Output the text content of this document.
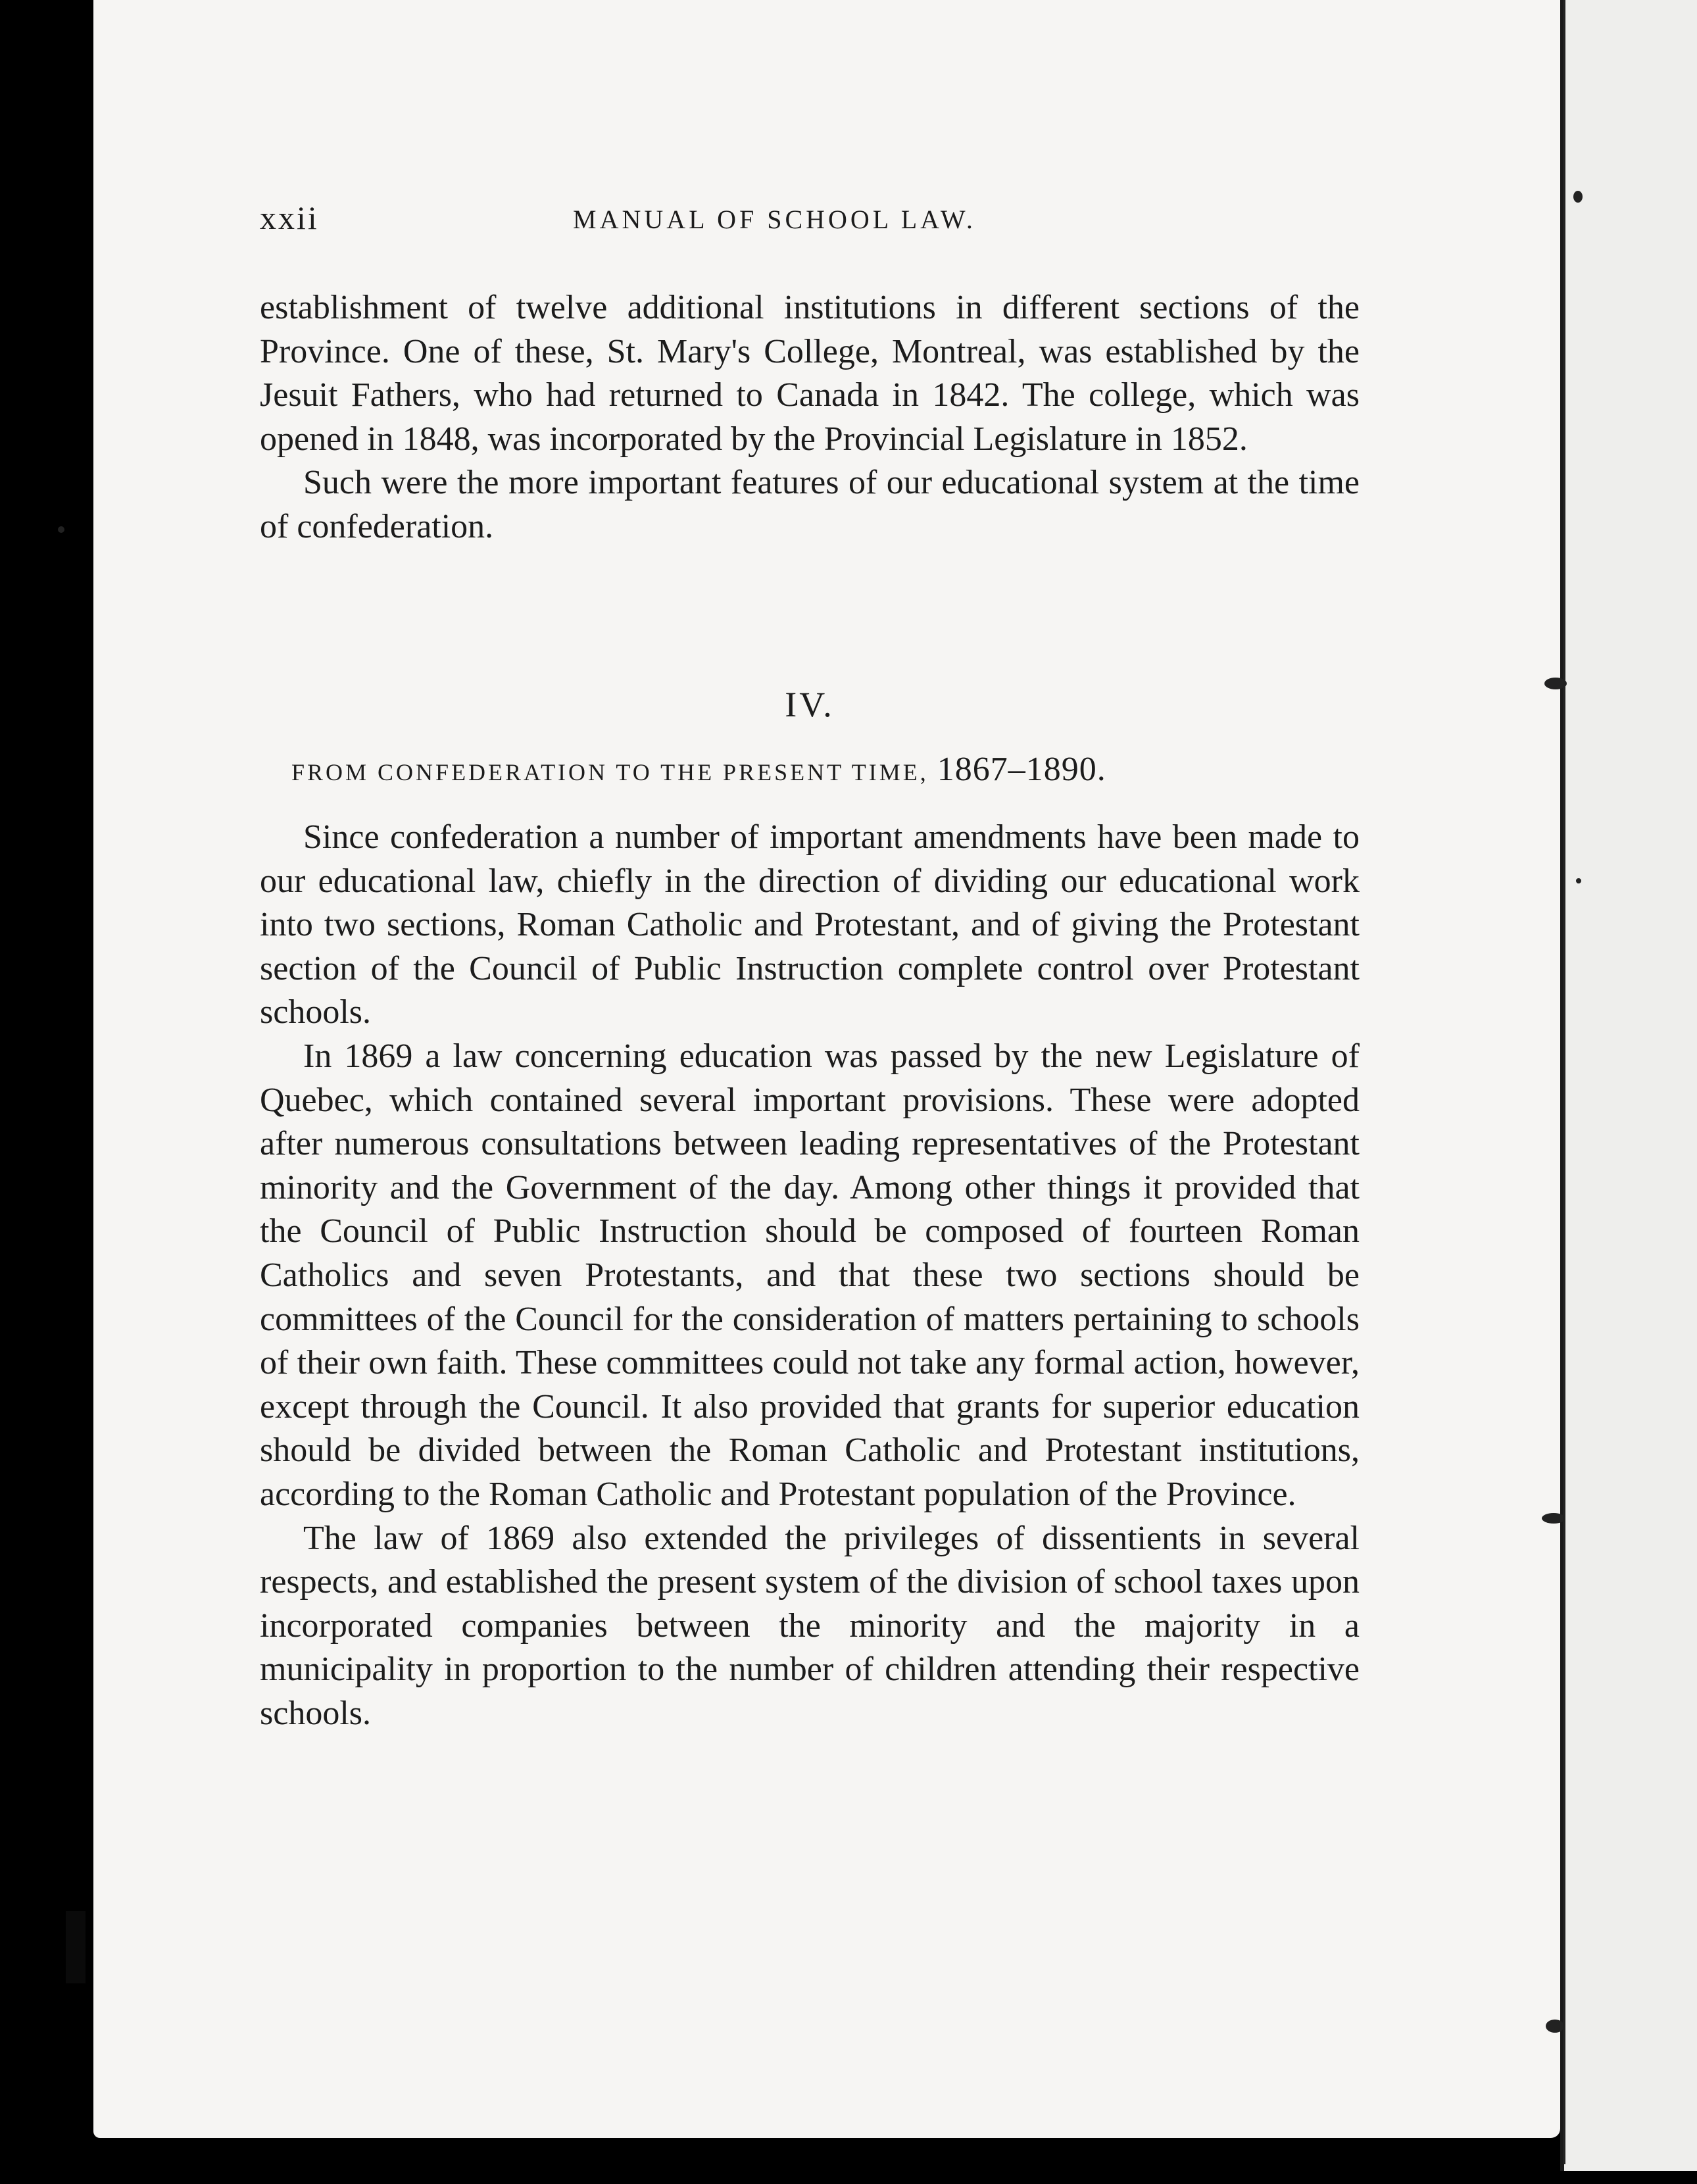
xxii	MANUAL OF SCHOOL LAW.

establishment of twelve additional institutions in different sections of the Province. One of these, St. Mary's College, Montreal, was established by the Jesuit Fathers, who had returned to Canada in 1842. The college, which was opened in 1848, was incorporated by the Provincial Legislature in 1852.

Such were the more important features of our educational system at the time of confederation.

IV.
FROM CONFEDERATION TO THE PRESENT TIME, 1867–1890.

Since confederation a number of important amendments have been made to our educational law, chiefly in the direction of dividing our educational work into two sections, Roman Catholic and Protestant, and of giving the Protestant section of the Council of Public Instruction complete control over Protestant schools.

In 1869 a law concerning education was passed by the new Legislature of Quebec, which contained several important provisions. These were adopted after numerous consultations between leading representatives of the Protestant minority and the Government of the day. Among other things it provided that the Council of Public Instruction should be composed of fourteen Roman Catholics and seven Protestants, and that these two sections should be committees of the Council for the consideration of matters pertaining to schools of their own faith. These committees could not take any formal action, however, except through the Council. It also provided that grants for superior education should be divided between the Roman Catholic and Protestant institutions, according to the Roman Catholic and Protestant population of the Province.

The law of 1869 also extended the privileges of dissentients in several respects, and established the present system of the division of school taxes upon incorporated companies between the minority and the majority in a municipality in proportion to the number of children attending their respective schools.
